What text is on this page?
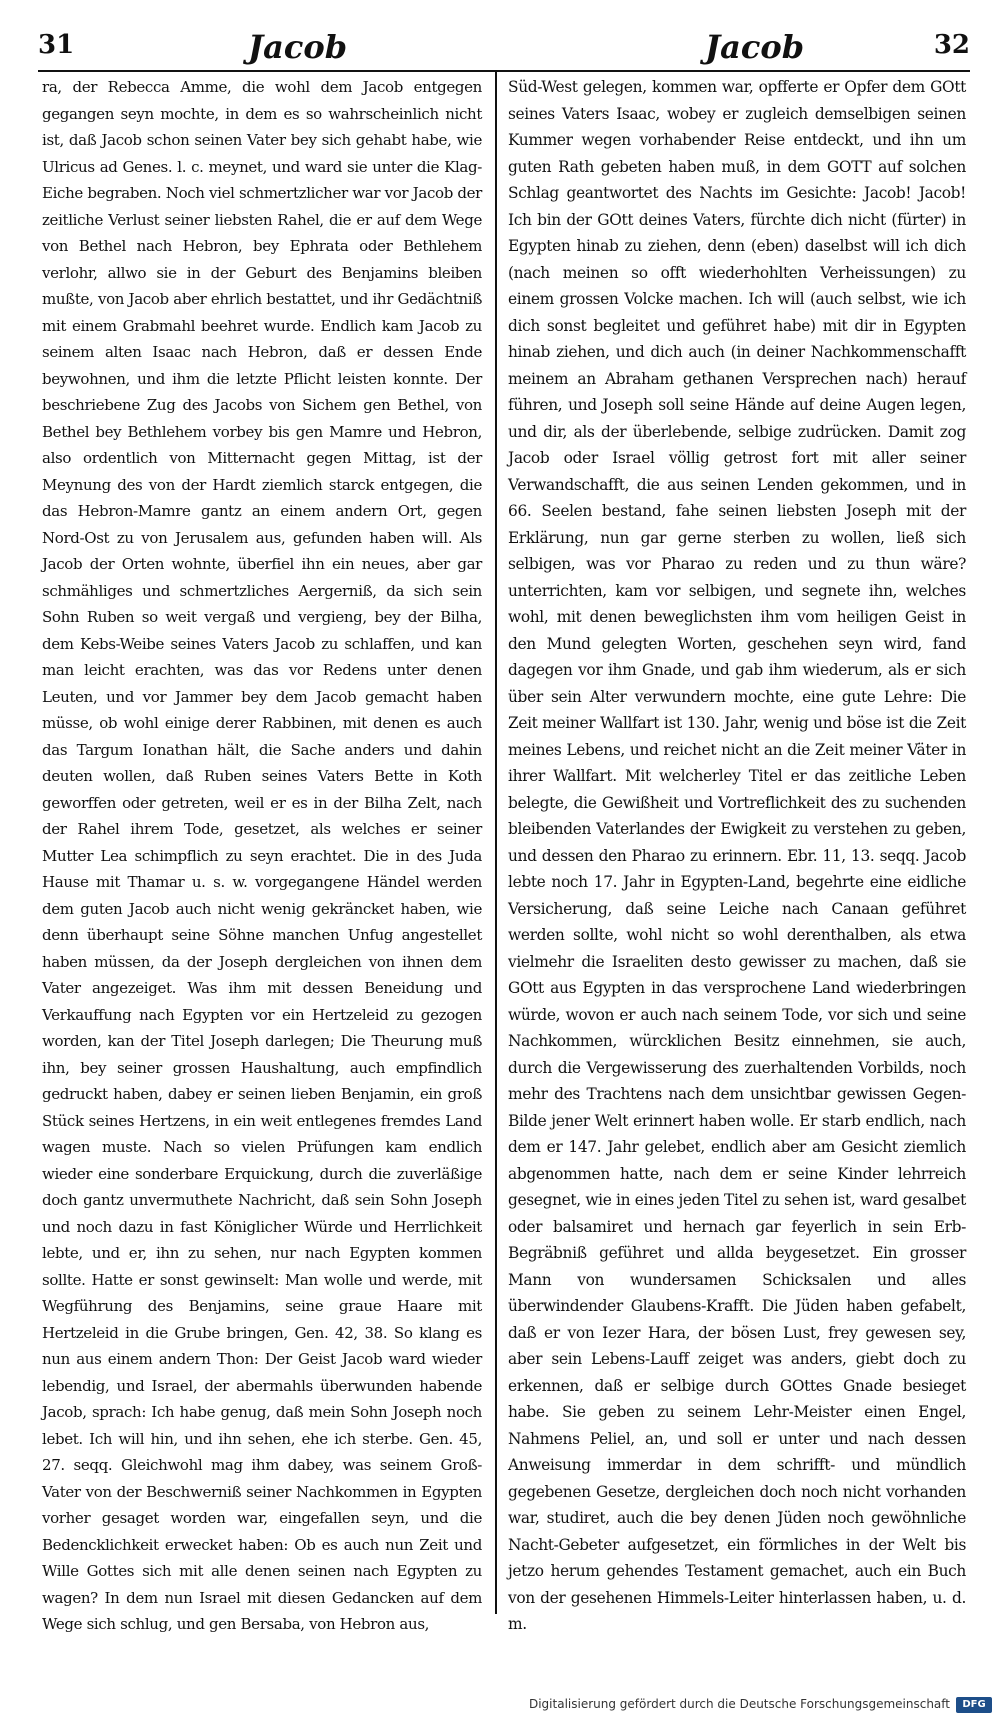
31	Jacob	Jacob	32
ra, der Rebecca Amme, die wohl dem Jacob entgegen gegangen seyn mochte, in dem es so wahrscheinlich nicht ist, daß Jacob schon seinen Vater bey sich gehabt habe, wie Ulricus ad Genes. l. c. meynet, und ward sie unter die Klag-Eiche begraben. Noch viel schmertzlicher war vor Jacob der zeitliche Verlust seiner liebsten Rahel, die er auf dem Wege von Bethel nach Hebron, bey Ephrata oder Bethlehem verlohr, allwo sie in der Geburt des Benjamins bleiben mußte, von Jacob aber ehrlich bestattet, und ihr Gedächtniß mit einem Grabmahl beehret wurde. Endlich kam Jacob zu seinem alten Isaac nach Hebron, daß er dessen Ende beywohnen, und ihm die letzte Pflicht leisten konnte. Der beschriebene Zug des Jacobs von Sichem gen Bethel, von Bethel bey Bethlehem vorbey bis gen Mamre und Hebron, also ordentlich von Mitternacht gegen Mittag, ist der Meynung des von der Hardt ziemlich starck entgegen, die das Hebron-Mamre gantz an einem andern Ort, gegen Nord-Ost zu von Jerusalem aus, gefunden haben will. Als Jacob der Orten wohnte, überfiel ihn ein neues, aber gar schmähliges und schmertzliches Aergerniß, da sich sein Sohn Ruben so weit vergaß und vergieng, bey der Bilha, dem Kebs-Weibe seines Vaters Jacob zu schlaffen, und kan man leicht erachten, was das vor Redens unter denen Leuten, und vor Jammer bey dem Jacob gemacht haben müsse, ob wohl einige derer Rabbinen, mit denen es auch das Targum Ionathan hält, die Sache anders und dahin deuten wollen, daß Ruben seines Vaters Bette in Koth geworffen oder getreten, weil er es in der Bilha Zelt, nach der Rahel ihrem Tode, gesetzet, als welches er seiner Mutter Lea schimpflich zu seyn erachtet. Die in des Juda Hause mit Thamar u. s. w. vorgegangene Händel werden dem guten Jacob auch nicht wenig gekräncket haben, wie denn überhaupt seine Söhne manchen Unfug angestellet haben müssen, da der Joseph dergleichen von ihnen dem Vater angezeiget. Was ihm mit dessen Beneidung und Verkauffung nach Egypten vor ein Hertzeleid zu gezogen worden, kan der Titel Joseph darlegen; Die Theurung muß ihn, bey seiner grossen Haushaltung, auch empfindlich gedruckt haben, dabey er seinen lieben Benjamin, ein groß Stück seines Hertzens, in ein weit entlegenes fremdes Land wagen muste. Nach so vielen Prüfungen kam endlich wieder eine sonderbare Erquickung, durch die zuverläßige doch gantz unvermuthete Nachricht, daß sein Sohn Joseph und noch dazu in fast Königlicher Würde und Herrlichkeit lebte, und er, ihn zu sehen, nur nach Egypten kommen sollte. Hatte er sonst gewinselt: Man wolle und werde, mit Wegführung des Benjamins, seine graue Haare mit Hertzeleid in die Grube bringen, Gen. 42, 38. So klang es nun aus einem andern Thon: Der Geist Jacob ward wieder lebendig, und Israel, der abermahls überwunden habende Jacob, sprach: Ich habe genug, daß mein Sohn Joseph noch lebet. Ich will hin, und ihn sehen, ehe ich sterbe. Gen. 45, 27. seqq. Gleichwohl mag ihm dabey, was seinem Groß-Vater von der Beschwerniß seiner Nachkommen in Egypten vorher gesaget worden war, eingefallen seyn, und die Bedencklichkeit erwecket haben: Ob es auch nun Zeit und Wille Gottes sich mit alle denen seinen nach Egypten zu wagen? In dem nun Israel mit diesen Gedancken auf dem Wege sich schlug, und gen Bersaba, von Hebron aus,
Süd-West gelegen, kommen war, opfferte er Opfer dem GOtt seines Vaters Isaac, wobey er zugleich demselbigen seinen Kummer wegen vorhabender Reise entdeckt, und ihn um guten Rath gebeten haben muß, in dem GOTT auf solchen Schlag geantwortet des Nachts im Gesichte: Jacob! Jacob! Ich bin der GOtt deines Vaters, fürchte dich nicht (fürter) in Egypten hinab zu ziehen, denn (eben) daselbst will ich dich (nach meinen so offt wiederhohlten Verheissungen) zu einem grossen Volcke machen. Ich will (auch selbst, wie ich dich sonst begleitet und geführet habe) mit dir in Egypten hinab ziehen, und dich auch (in deiner Nachkommenschafft meinem an Abraham gethanen Versprechen nach) herauf führen, und Joseph soll seine Hände auf deine Augen legen, und dir, als der überlebende, selbige zudrücken. Damit zog Jacob oder Israel völlig getrost fort mit aller seiner Verwandschafft, die aus seinen Lenden gekommen, und in 66. Seelen bestand, fahe seinen liebsten Joseph mit der Erklärung, nun gar gerne sterben zu wollen, ließ sich selbigen, was vor Pharao zu reden und zu thun wäre? unterrichten, kam vor selbigen, und segnete ihn, welches wohl, mit denen beweglichsten ihm vom heiligen Geist in den Mund gelegten Worten, geschehen seyn wird, fand dagegen vor ihm Gnade, und gab ihm wiederum, als er sich über sein Alter verwundern mochte, eine gute Lehre: Die Zeit meiner Wallfart ist 130. Jahr, wenig und böse ist die Zeit meines Lebens, und reichet nicht an die Zeit meiner Väter in ihrer Wallfart. Mit welcherley Titel er das zeitliche Leben belegte, die Gewißheit und Vortreflichkeit des zu suchenden bleibenden Vaterlandes der Ewigkeit zu verstehen zu geben, und dessen den Pharao zu erinnern. Ebr. 11, 13. seqq. Jacob lebte noch 17. Jahr in Egypten-Land, begehrte eine eidliche Versicherung, daß seine Leiche nach Canaan geführet werden sollte, wohl nicht so wohl derenthalben, als etwa vielmehr die Israeliten desto gewisser zu machen, daß sie GOtt aus Egypten in das versprochene Land wiederbringen würde, wovon er auch nach seinem Tode, vor sich und seine Nachkommen, würcklichen Besitz einnehmen, sie auch, durch die Vergewisserung des zuerhaltenden Vorbilds, noch mehr des Trachtens nach dem unsichtbar gewissen Gegen-Bilde jener Welt erinnert haben wolle. Er starb endlich, nach dem er 147. Jahr gelebet, endlich aber am Gesicht ziemlich abgenommen hatte, nach dem er seine Kinder lehrreich gesegnet, wie in eines jeden Titel zu sehen ist, ward gesalbet oder balsamiret und hernach gar feyerlich in sein Erb-Begräbniß geführet und allda beygesetzet. Ein grosser Mann von wundersamen Schicksalen und alles überwindender Glaubens-Krafft. Die Jüden haben gefabelt, daß er von Iezer Hara, der bösen Lust, frey gewesen sey, aber sein Lebens-Lauff zeiget was anders, giebt doch zu erkennen, daß er selbige durch GOttes Gnade besieget habe. Sie geben zu seinem Lehr-Meister einen Engel, Nahmens Peliel, an, und soll er unter und nach dessen Anweisung immerdar in dem schrifft- und mündlich gegebenen Gesetze, dergleichen doch noch nicht vorhanden war, studiret, auch die bey denen Jüden noch gewöhnliche Nacht-Gebeter aufgesetzet, ein förmliches in der Welt bis jetzo herum gehendes Testament gemachet, auch ein Buch von der gesehenen Himmels-Leiter hinterlassen haben, u. d. m.
Digitalisierung gefördert durch die Deutsche Forschungsgemeinschaft	DFG
